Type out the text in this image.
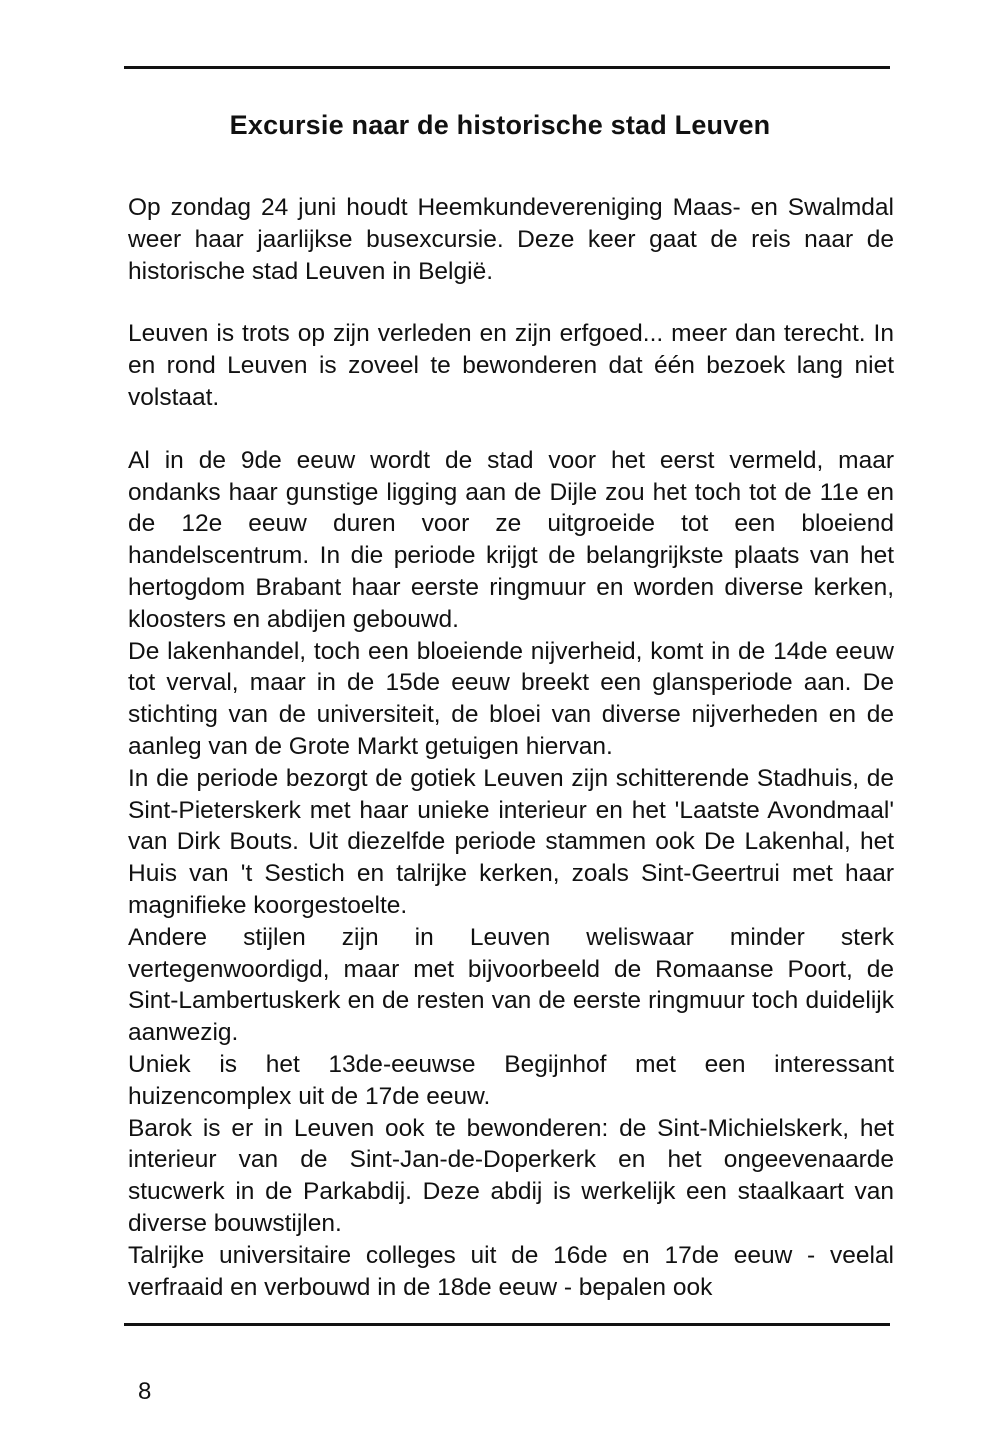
Excursie naar de historische stad Leuven

Op zondag 24 juni houdt Heemkundevereniging Maas- en Swalmdal weer haar jaarlijkse busexcursie. Deze keer gaat de reis naar de historische stad Leuven in België.

Leuven is trots op zijn verleden en zijn erfgoed... meer dan terecht. In en rond Leuven is zoveel te bewonderen dat één bezoek lang niet volstaat.

Al in de 9de eeuw wordt de stad voor het eerst vermeld, maar ondanks haar gunstige ligging aan de Dijle zou het toch tot de 11e en de 12e eeuw duren voor ze uitgroeide tot een bloeiend handelscentrum. In die periode krijgt de belangrijkste plaats van het hertogdom Brabant haar eerste ringmuur en worden diverse kerken, kloosters en abdijen gebouwd.

De lakenhandel, toch een bloeiende nijverheid, komt in de 14de eeuw tot verval, maar in de 15de eeuw breekt een glansperiode aan. De stichting van de universiteit, de bloei van diverse nijverheden en de aanleg van de Grote Markt getuigen hiervan.

In die periode bezorgt de gotiek Leuven zijn schitterende Stadhuis, de Sint-Pieterskerk met haar unieke interieur en het 'Laatste Avondmaal' van Dirk Bouts. Uit diezelfde periode stammen ook De Lakenhal, het Huis van 't Sestich en talrijke kerken, zoals Sint-Geertrui met haar magnifieke koorgestoelte.

Andere stijlen zijn in Leuven weliswaar minder sterk vertegenwoordigd, maar met bijvoorbeeld de Romaanse Poort, de Sint-Lambertuskerk en de resten van de eerste ringmuur toch duidelijk aanwezig.

Uniek is het 13de-eeuwse Begijnhof met een interessant huizencomplex uit de 17de eeuw.

Barok is er in Leuven ook te bewonderen: de Sint-Michielskerk, het interieur van de Sint-Jan-de-Doperkerk en het ongeevenaarde stucwerk in de Parkabdij. Deze abdij is werkelijk een staalkaart van diverse bouwstijlen.

Talrijke universitaire colleges uit de 16de en 17de eeuw - veelal verfraaid en verbouwd in de 18de eeuw - bepalen ook

8
